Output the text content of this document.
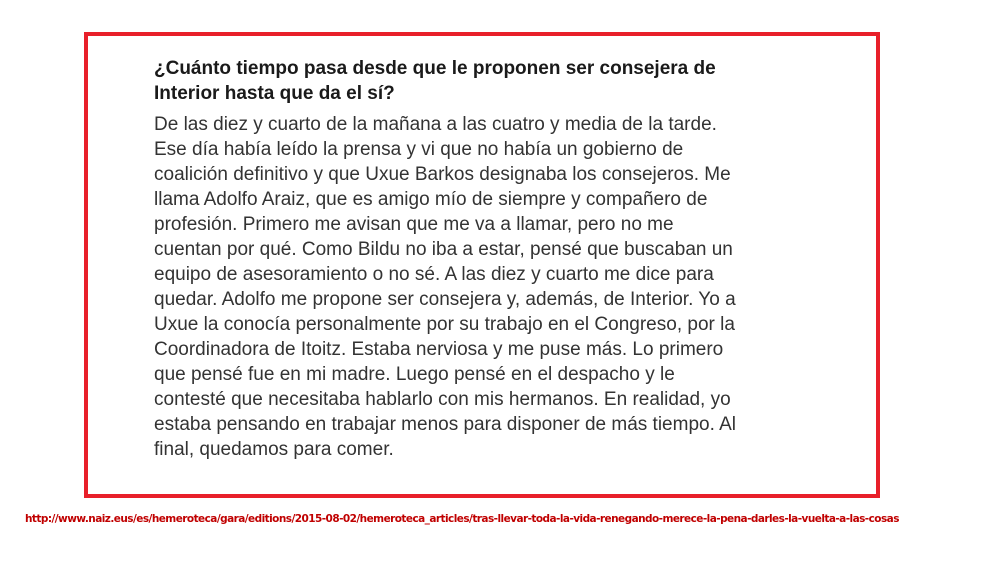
¿Cuánto tiempo pasa desde que le proponen ser consejera de Interior hasta que da el sí?

De las diez y cuarto de la mañana a las cuatro y media de la tarde. Ese día había leído la prensa y vi que no había un gobierno de coalición definitivo y que Uxue Barkos designaba los consejeros. Me llama Adolfo Araiz, que es amigo mío de siempre y compañero de profesión. Primero me avisan que me va a llamar, pero no me cuentan por qué. Como Bildu no iba a estar, pensé que buscaban un equipo de asesoramiento o no sé. A las diez y cuarto me dice para quedar. Adolfo me propone ser consejera y, además, de Interior. Yo a Uxue la conocía personalmente por su trabajo en el Congreso, por la Coordinadora de Itoitz. Estaba nerviosa y me puse más. Lo primero que pensé fue en mi madre. Luego pensé en el despacho y le contesté que necesitaba hablarlo con mis hermanos. En realidad, yo estaba pensando en trabajar menos para disponer de más tiempo. Al final, quedamos para comer.

http://www.naiz.eus/es/hemeroteca/gara/editions/2015-08-02/hemeroteca_articles/tras-llevar-toda-la-vida-renegando-merece-la-pena-darles-la-vuelta-a-las-cosas
